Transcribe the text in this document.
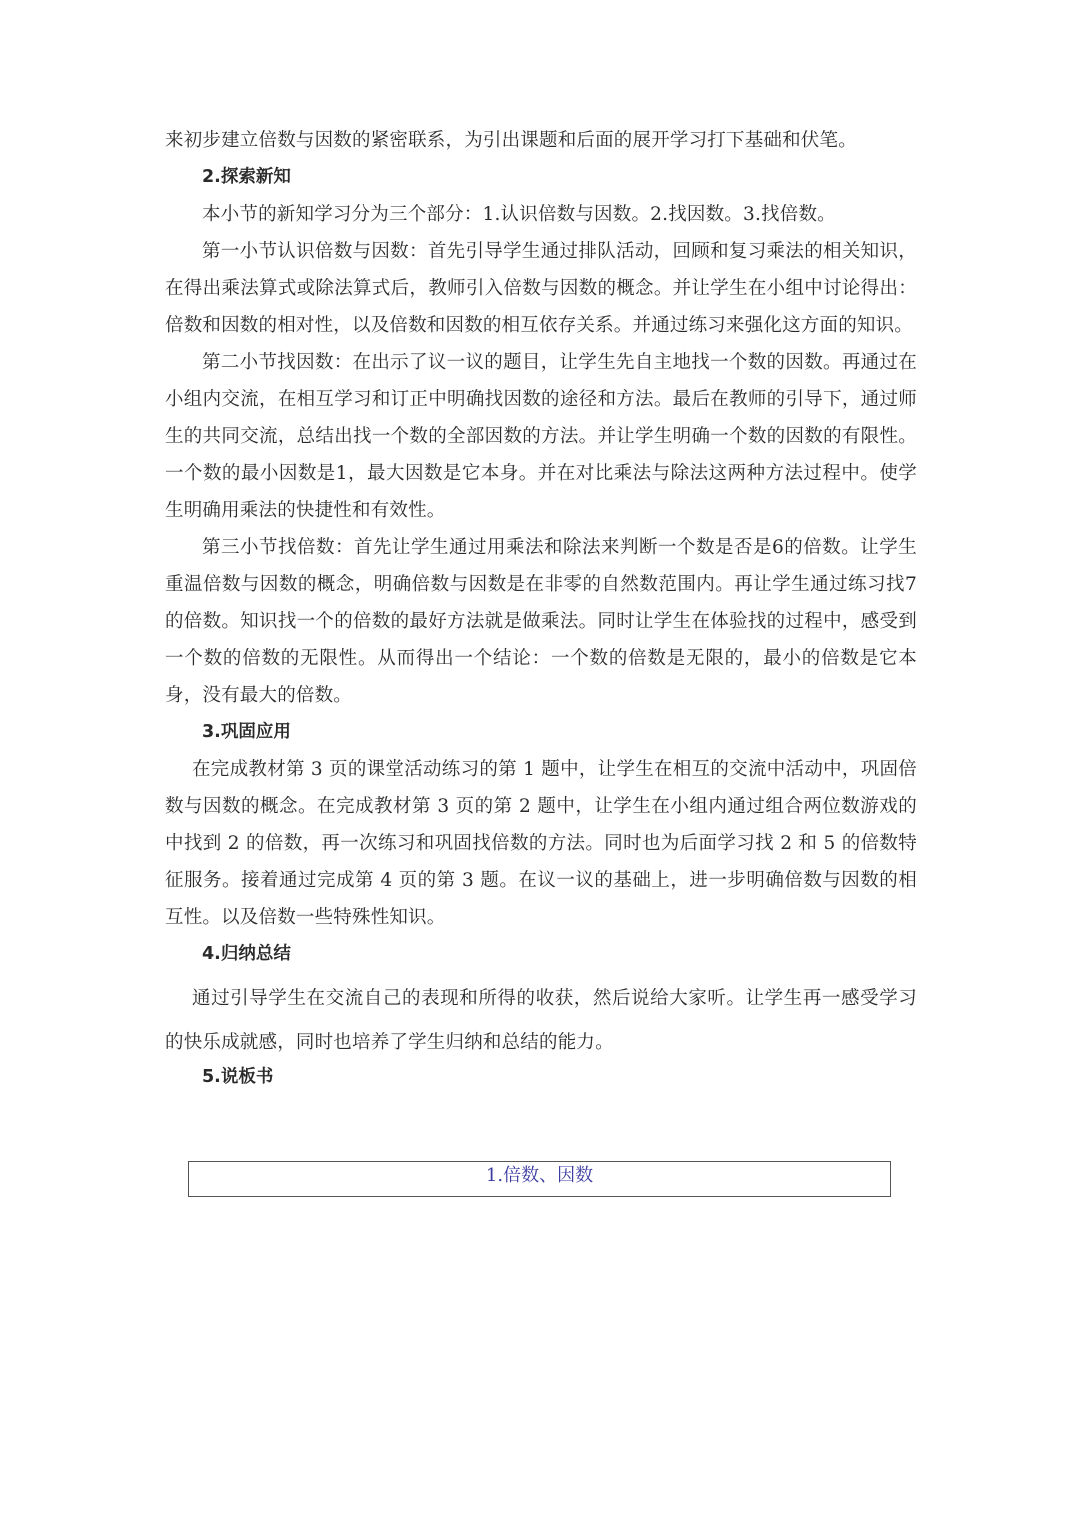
来初步建立倍数与因数的紧密联系，为引出课题和后面的展开学习打下基础和伏笔。

2.探索新知

本小节的新知学习分为三个部分：1.认识倍数与因数。2.找因数。3.找倍数。

第一小节认识倍数与因数：首先引导学生通过排队活动，回顾和复习乘法的相关知识，在得出乘法算式或除法算式后，教师引入倍数与因数的概念。并让学生在小组中讨论得出：倍数和因数的相对性，以及倍数和因数的相互依存关系。并通过练习来强化这方面的知识。

第二小节找因数：在出示了议一议的题目，让学生先自主地找一个数的因数。再通过在小组内交流，在相互学习和订正中明确找因数的途径和方法。最后在教师的引导下，通过师生的共同交流，总结出找一个数的全部因数的方法。并让学生明确一个数的因数的有限性。一个数的最小因数是1，最大因数是它本身。并在对比乘法与除法这两种方法过程中。使学生明确用乘法的快捷性和有效性。

第三小节找倍数：首先让学生通过用乘法和除法来判断一个数是否是6的倍数。让学生重温倍数与因数的概念，明确倍数与因数是在非零的自然数范围内。再让学生通过练习找7的倍数。知识找一个的倍数的最好方法就是做乘法。同时让学生在体验找的过程中，感受到一个数的倍数的无限性。从而得出一个结论：一个数的倍数是无限的，最小的倍数是它本身，没有最大的倍数。

3.巩固应用

在完成教材第 3 页的课堂活动练习的第 1 题中，让学生在相互的交流中活动中，巩固倍数与因数的概念。在完成教材第 3 页的第 2 题中，让学生在小组内通过组合两位数游戏的中找到 2 的倍数，再一次练习和巩固找倍数的方法。同时也为后面学习找 2 和 5 的倍数特征服务。接着通过完成第 4 页的第 3 题。在议一议的基础上，进一步明确倍数与因数的相互性。以及倍数一些特殊性知识。

4.归纳总结

通过引导学生在交流自己的表现和所得的收获，然后说给大家听。让学生再一感受学习的快乐成就感，同时也培养了学生归纳和总结的能力。

5.说板书

1.倍数、因数
